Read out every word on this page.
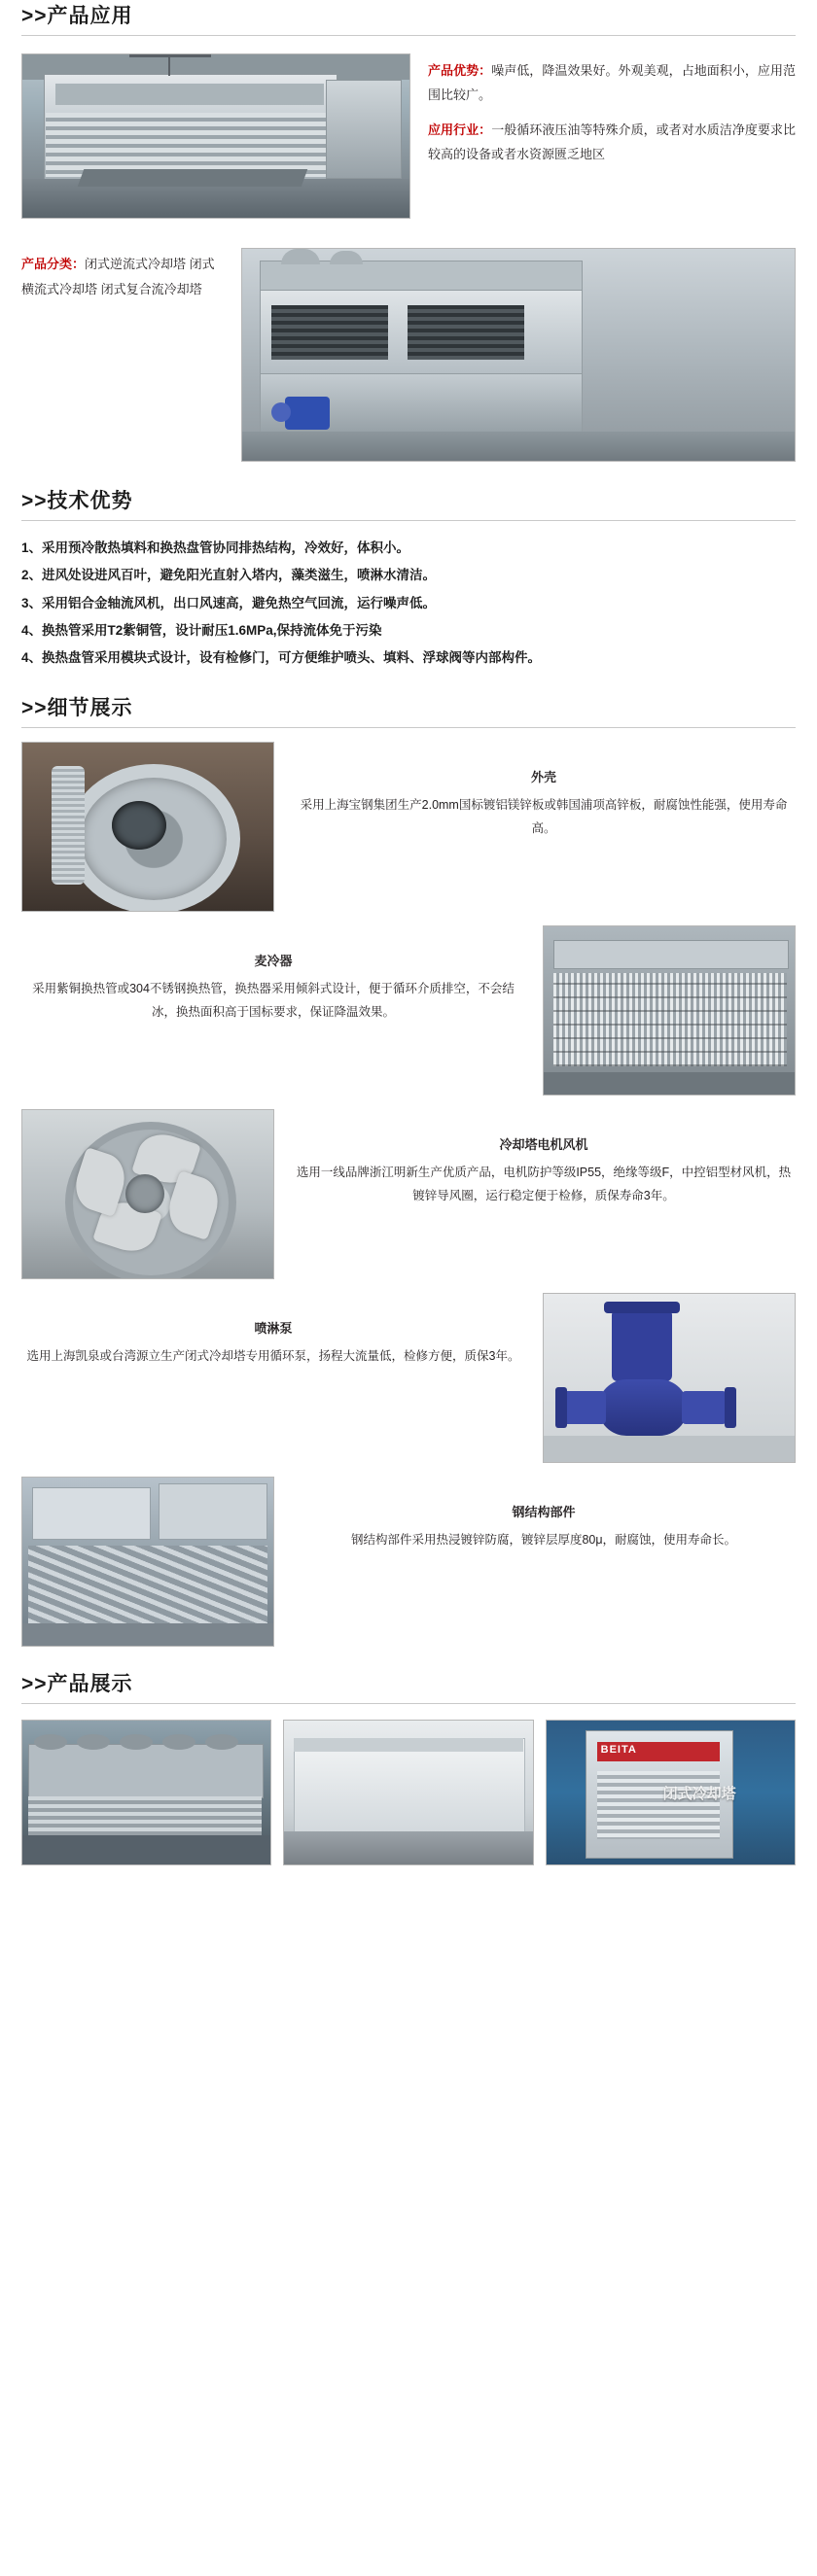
>>产品应用

产品优势：噪声低，降温效果好。外观美观，占地面积小，应用范围比较广。

应用行业：一般循环液压油等特殊介质，或者对水质洁净度要求比较高的设备或者水资源匮乏地区

产品分类：闭式逆流式冷却塔 闭式横流式冷却塔 闭式复合流冷却塔
>>技术优势
1、采用预冷散热填料和换热盘管协同排热结构，冷效好，体积小。
2、进风处设进风百叶，避免阳光直射入塔内，藻类滋生，喷淋水清洁。
3、采用铝合金轴流风机，出口风速高，避免热空气回流，运行噪声低。
4、换热管采用T2紫铜管，设计耐压1.6MPa,保持流体免于污染
4、换热盘管采用模块式设计，设有检修门，可方便维护喷头、填料、浮球阀等内部构件。
>>细节展示
外壳
采用上海宝钢集团生产2.0mm国标镀铝镁锌板或韩国浦项高锌板，耐腐蚀性能强，使用寿命高。
麦冷器
采用紫铜换热管或304不锈钢换热管，换热器采用倾斜式设计，便于循环介质排空，不会结冰，换热面积高于国标要求，保证降温效果。
冷却塔电机风机
选用一线品牌浙江明新生产优质产品，电机防护等级IP55，绝缘等级F，中控铝型材风机，热镀锌导风圈，运行稳定便于检修，质保寿命3年。
喷淋泵
选用上海凯泉或台湾源立生产闭式冷却塔专用循环泵，扬程大流量低，检修方便，质保3年。
钢结构部件
钢结构部件采用热浸镀锌防腐，镀锌层厚度80μ，耐腐蚀，使用寿命长。
>>产品展示
BEITA
闭式冷却塔
